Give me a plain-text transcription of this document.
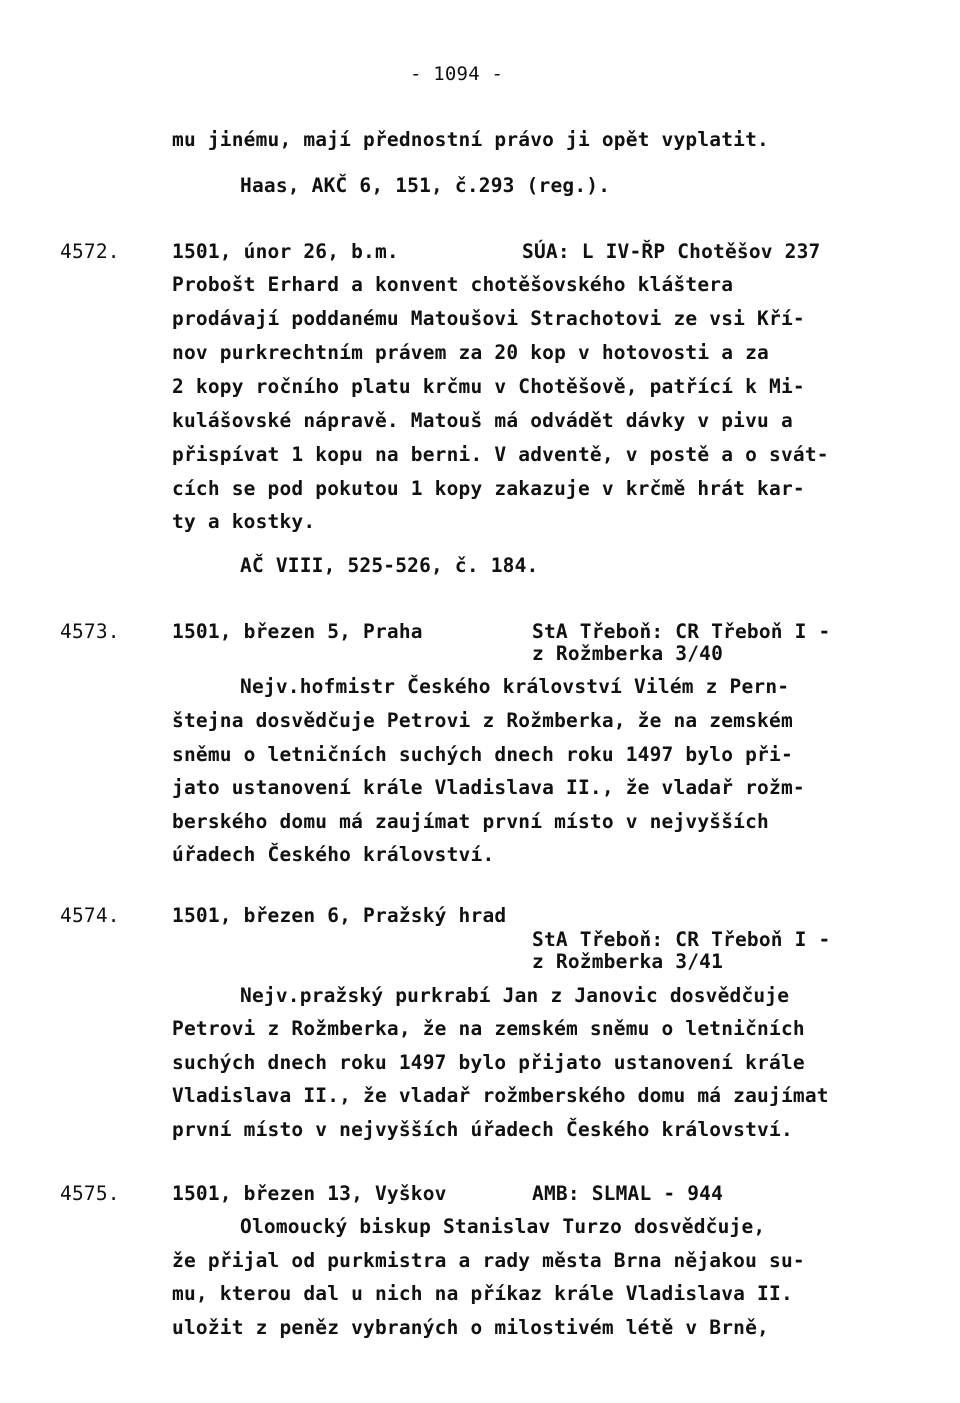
- 1094 -
mu jinému, mají přednostní právo ji opět vyplatit.
Haas, AKČ 6, 151, č.293 (reg.).
4572.	1501, únor 26, b.m.	SÚA: L IV-ŘP Chotěšov 237
Probošt Erhard a konvent chotěšovského kláštera
prodávají poddanému Matoušovi Strachotovi ze vsi Kří-
nov purkrechtním právem za 20 kop v hotovosti a za
2 kopy ročního platu krčmu v Chotěšově, patřící k Mi-
kulášovské nápravě. Matouš má odvádět dávky v pivu a
přispívat 1 kopu na berni. V adventě, v postě a o svát-
cích se pod pokutou 1 kopy zakazuje v krčmě hrát kar-
ty a kostky.
AČ VIII, 525-526, č. 184.
4573.	1501, březen 5, Praha	StA Třeboň: CR Třeboň I -
z Rožmberka 3/40
Nejv.hofmistr Českého království Vilém z Pern-
štejna dosvědčuje Petrovi z Rožmberka, že na zemském
sněmu o letničních suchých dnech roku 1497 bylo při-
jato ustanovení krále Vladislava II., že vladař rožm-
berského domu má zaujímat první místo v nejvyšších
úřadech Českého království.
4574.	1501, březen 6, Pražský hrad
StA Třeboň: CR Třeboň I -
z Rožmberka 3/41
Nejv.pražský purkrabí Jan z Janovic dosvědčuje
Petrovi z Rožmberka, že na zemském sněmu o letničních
suchých dnech roku 1497 bylo přijato ustanovení krále
Vladislava II., že vladař rožmberského domu má zaujímat
první místo v nejvyšších úřadech Českého království.
4575.	1501, březen 13, Vyškov	AMB: SLMAL - 944
Olomoucký biskup Stanislav Turzo dosvědčuje,
že přijal od purkmistra a rady města Brna nějakou su-
mu, kterou dal u nich na příkaz krále Vladislava II.
uložit z peněz vybraných o milostivém létě v Brně,
